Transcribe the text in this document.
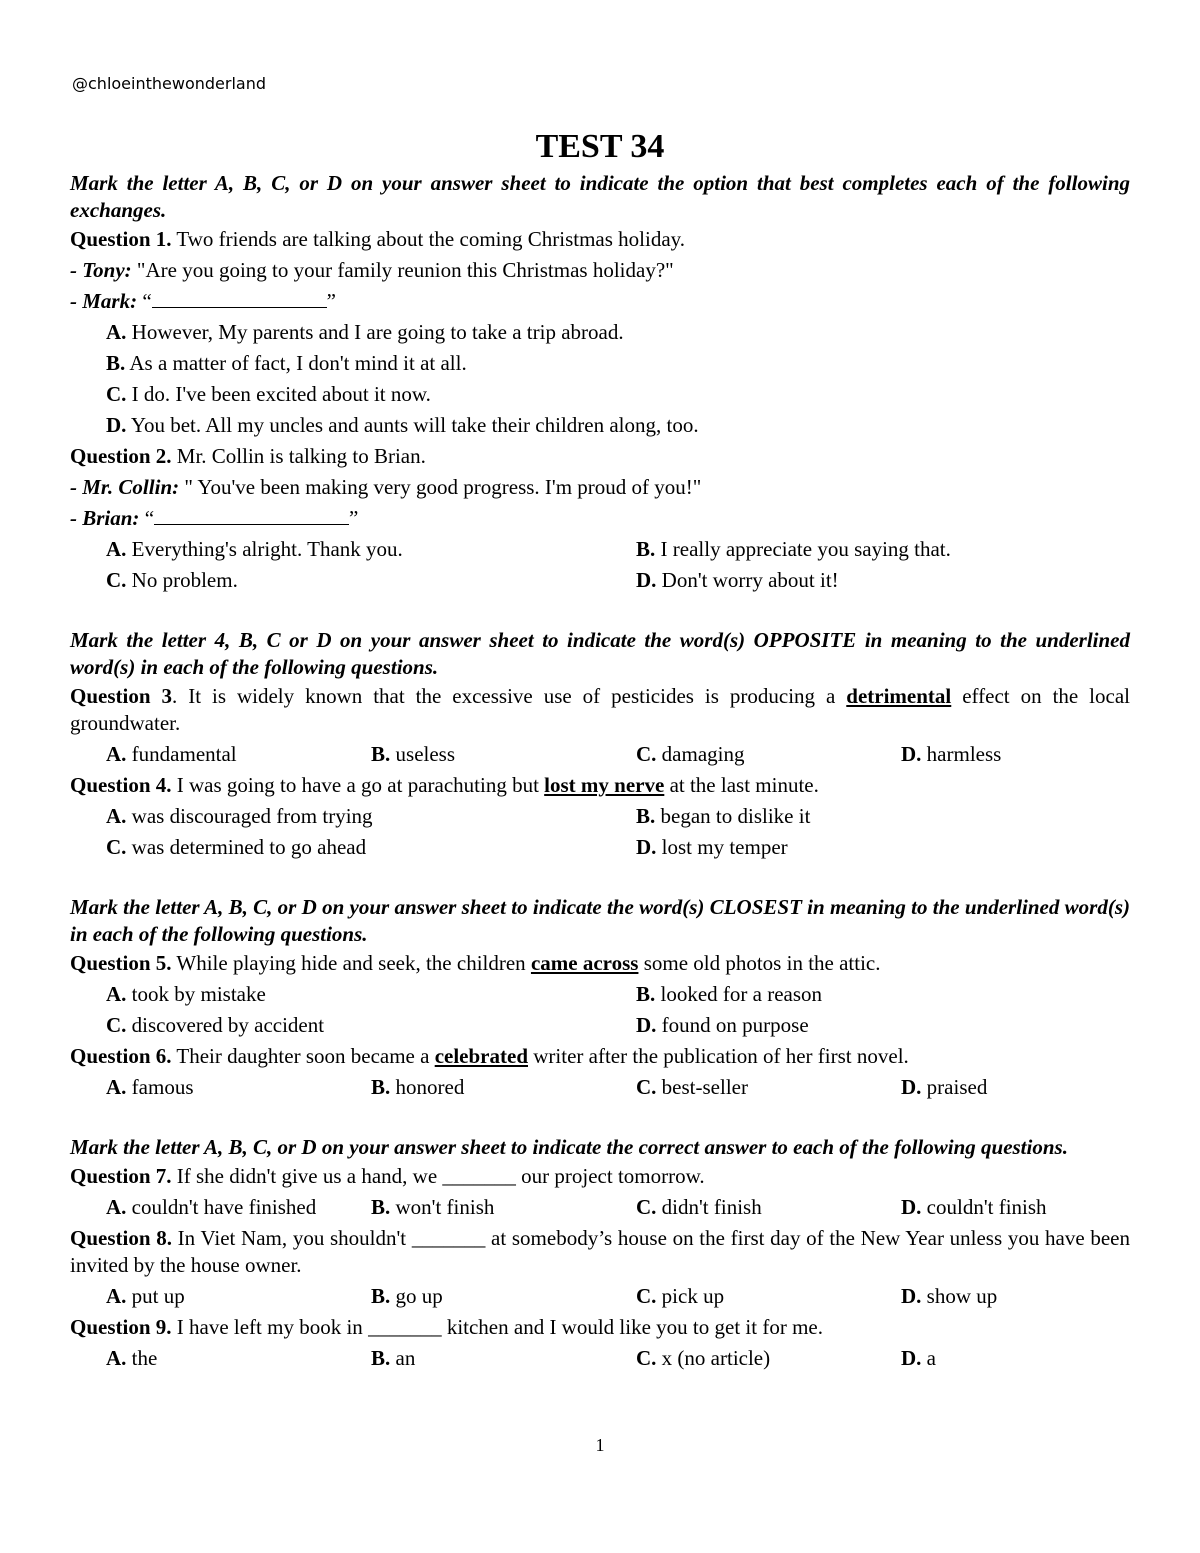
@chloeinthewonderland
TEST 34
Mark the letter A, B, C, or D on your answer sheet to indicate the option that best completes each of the following exchanges.
Question 1. Two friends are talking about the coming Christmas holiday.
- Tony: "Are you going to your family reunion this Christmas holiday?"
- Mark: “	”
A. However, My parents and I are going to take a trip abroad.
B. As a matter of fact, I don't mind it at all.
C. I do. I've been excited about it now.
D. You bet. All my uncles and aunts will take their children along, too.
Question 2. Mr. Collin is talking to Brian.
- Mr. Collin: " You've been making very good progress. I'm proud of you!"
- Brian: “	”
A. Everything's alright. Thank you.	B. I really appreciate you saying that.
C. No problem.	D. Don't worry about it!
Mark the letter 4, B, C or D on your answer sheet to indicate the word(s) OPPOSITE in meaning to the underlined word(s) in each of the following questions.
Question 3. It is widely known that the excessive use of pesticides is producing a detrimental effect on the local groundwater.
A. fundamental	B. useless	C. damaging	D. harmless
Question 4. I was going to have a go at parachuting but lost my nerve at the last minute.
A. was discouraged from trying	B. began to dislike it
C. was determined to go ahead	D. lost my temper
Mark the letter A, B, C, or D on your answer sheet to indicate the word(s) CLOSEST in meaning to the underlined word(s) in each of the following questions.
Question 5. While playing hide and seek, the children came across some old photos in the attic.
A. took by mistake	B. looked for a reason
C. discovered by accident	D. found on purpose
Question 6. Their daughter soon became a celebrated writer after the publication of her first novel.
A. famous	B. honored	C. best-seller	D. praised
Mark the letter A, B, C, or D on your answer sheet to indicate the correct answer to each of the following questions.
Question 7. If she didn't give us a hand, we _______ our project tomorrow.
A. couldn't have finished	B. won't finish	C. didn't finish	D. couldn't finish
Question 8. In Viet Nam, you shouldn't _______ at somebody’s house on the first day of the New Year unless you have been invited by the house owner.
A. put up	B. go up	C. pick up	D. show up
Question 9. I have left my book in _______ kitchen and I would like you to get it for me.
A. the	B. an	C. x (no article)	D. a
1
